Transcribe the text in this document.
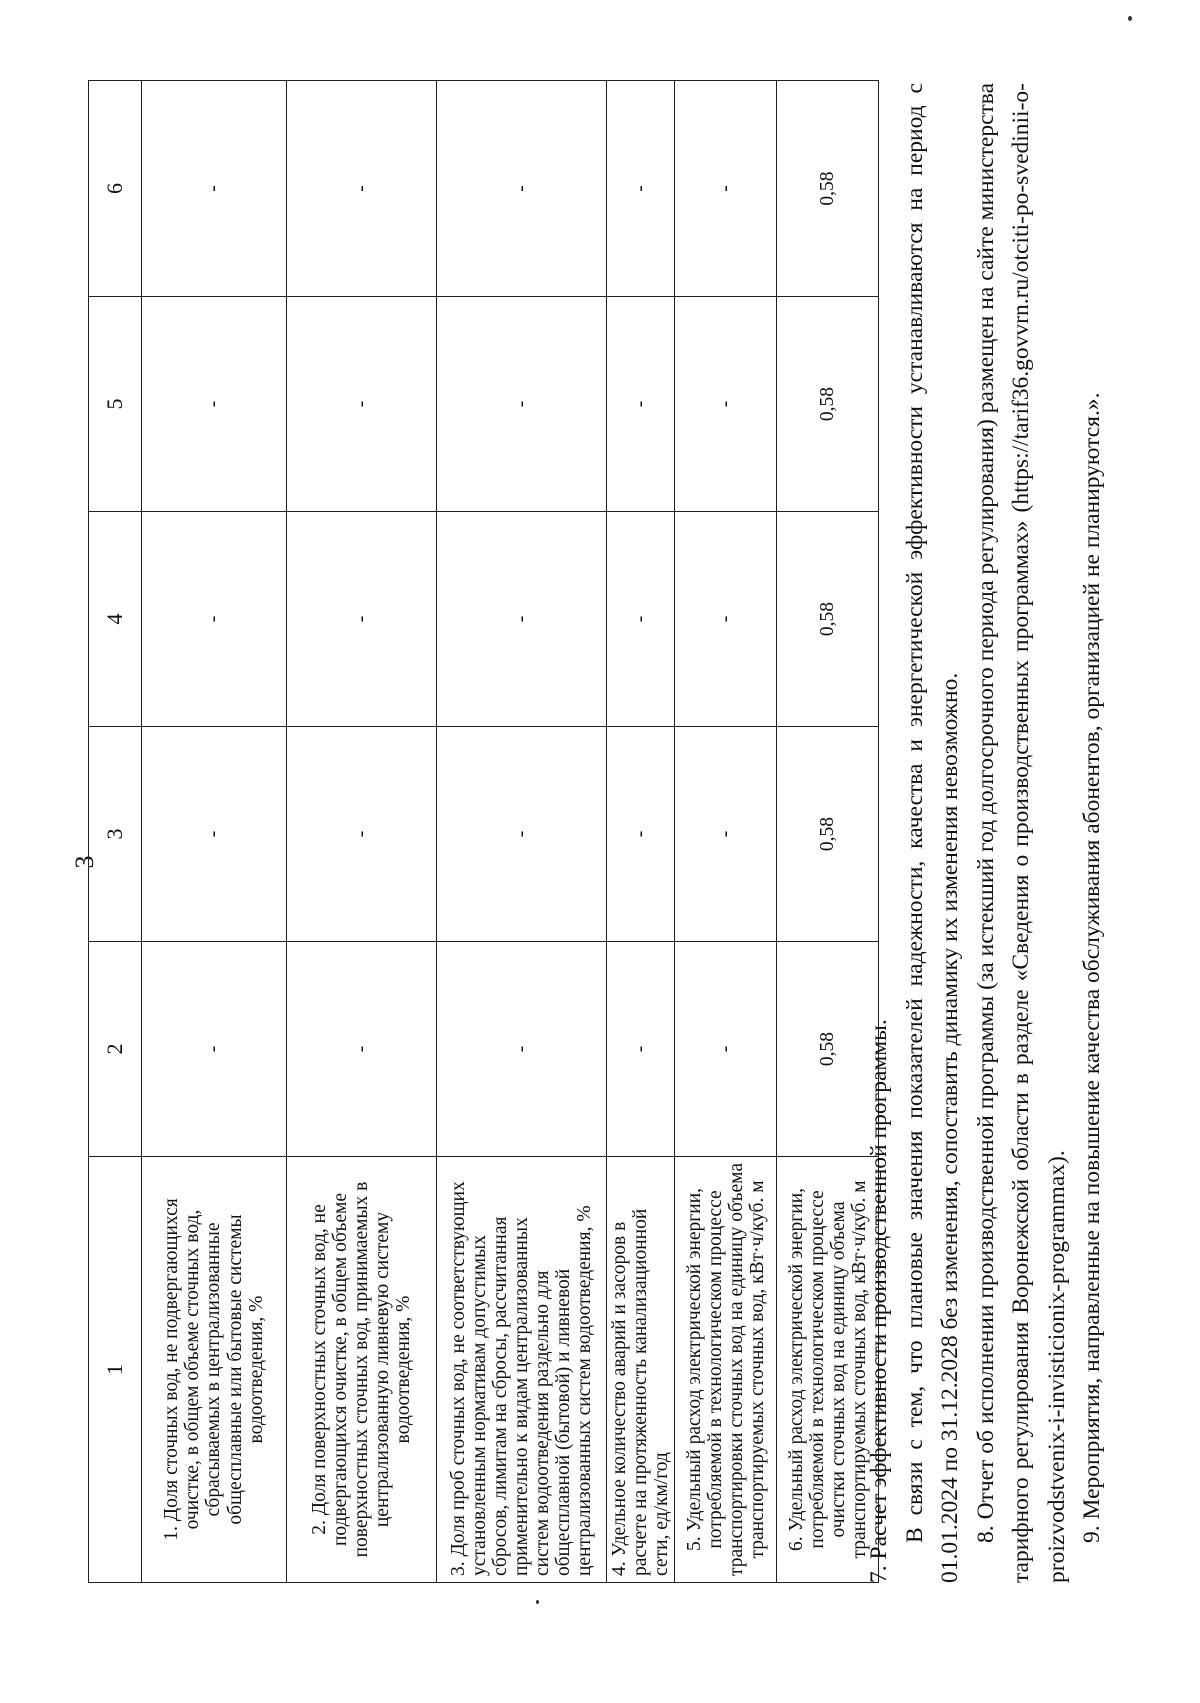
3
1	2	3	4	5	6
1. Доля сточных вод, не подвергающихся очистке, в общем объеме сточных вод, сбрасываемых в централизованные общесплавные или бытовые системы водоотведения, %	-	-	-	-	-
2. Доля поверхностных сточных вод, не подвергающихся очистке, в общем объеме поверхностных сточных вод, принимаемых в централизованную ливневую систему водоотведения, %	-	-	-	-	-
3. Доля проб сточных вод, не соответствующих установленным нормативам допустимых сбросов, лимитам на сбросы, рассчитанная применительно к видам централизованных систем водоотведения раздельно для общесплавной (бытовой) и ливневой централизованных систем водоотведения, %	-	-	-	-	-
4. Удельное количество аварий и засоров в расчете на протяженность канализационной сети, ед/км/год	-	-	-	-	-
5. Удельный расход электрической энергии, потребляемой в технологическом процессе транспортировки сточных вод на единицу объема транспортируемых сточных вод, кВт·ч/куб. м	-	-	-	-	-
6. Удельный расход электрической энергии, потребляемой в технологическом процессе очистки сточных вод на единицу объема транспортируемых сточных вод, кВт·ч/куб. м	0,58	0,58	0,58	0,58	0,58

7. Расчет эффективности производственной программы. В связи с тем, что плановые значения показателей надежности, качества и энергетической эффективности устанавливаются на период с 01.01.2024 по 31.12.2028 без изменения, сопоставить динамику их изменения невозможно. 8. Отчет об исполнении производственной программы (за истекший год долгосрочного периода регулирования) размещен на сайте министерства тарифного регулирования Воронежской области в разделе «Сведения о производственных программах» (https://tarif36.govvrn.ru/otciti-po-svedinii-o-proizvodstvenix-i-invisticionix-programmax). 9. Мероприятия, направленные на повышение качества обслуживания абонентов, организацией не планируются.».
